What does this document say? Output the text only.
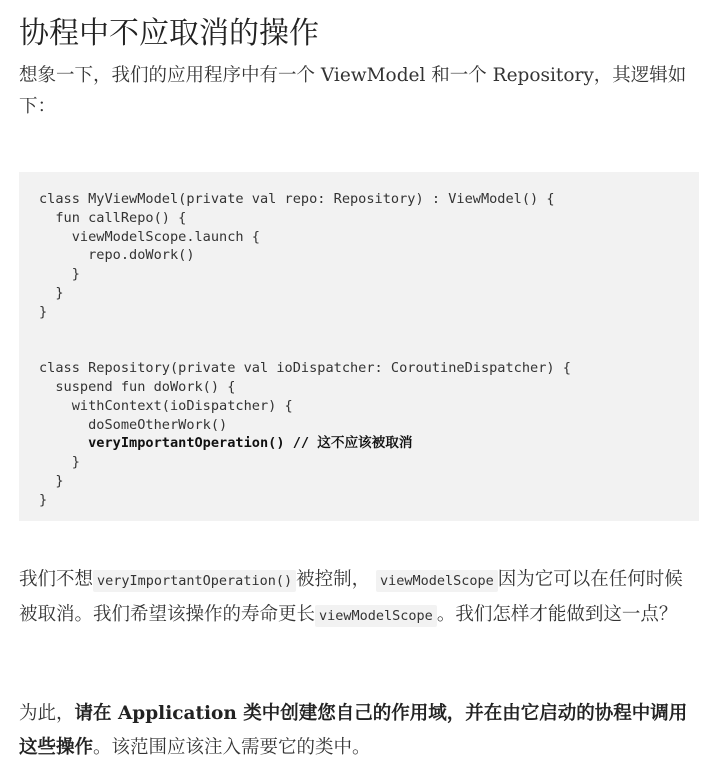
协程中不应取消的操作

想象一下，我们的应用程序中有一个 ViewModel 和一个 Repository，其逻辑如下：

class MyViewModel(private val repo: Repository) : ViewModel() {
fun callRepo() {
viewModelScope.launch {
repo.doWork()
}
}
}
class Repository(private val ioDispatcher: CoroutineDispatcher) {
suspend fun doWork() {
withContext(ioDispatcher) {
doSomeOtherWork()
veryImportantOperation() // 这不应该被取消
}
}
}

我们不想 veryImportantOperation() 被控制， viewModelScope 因为它可以在任何时候被取消。我们希望该操作的寿命更长 viewModelScope 。我们怎样才能做到这一点？

为此，请在 Application 类中创建您自己的作用域，并在由它启动的协程中调用这些操作。该范围应该注入需要它的类中。
